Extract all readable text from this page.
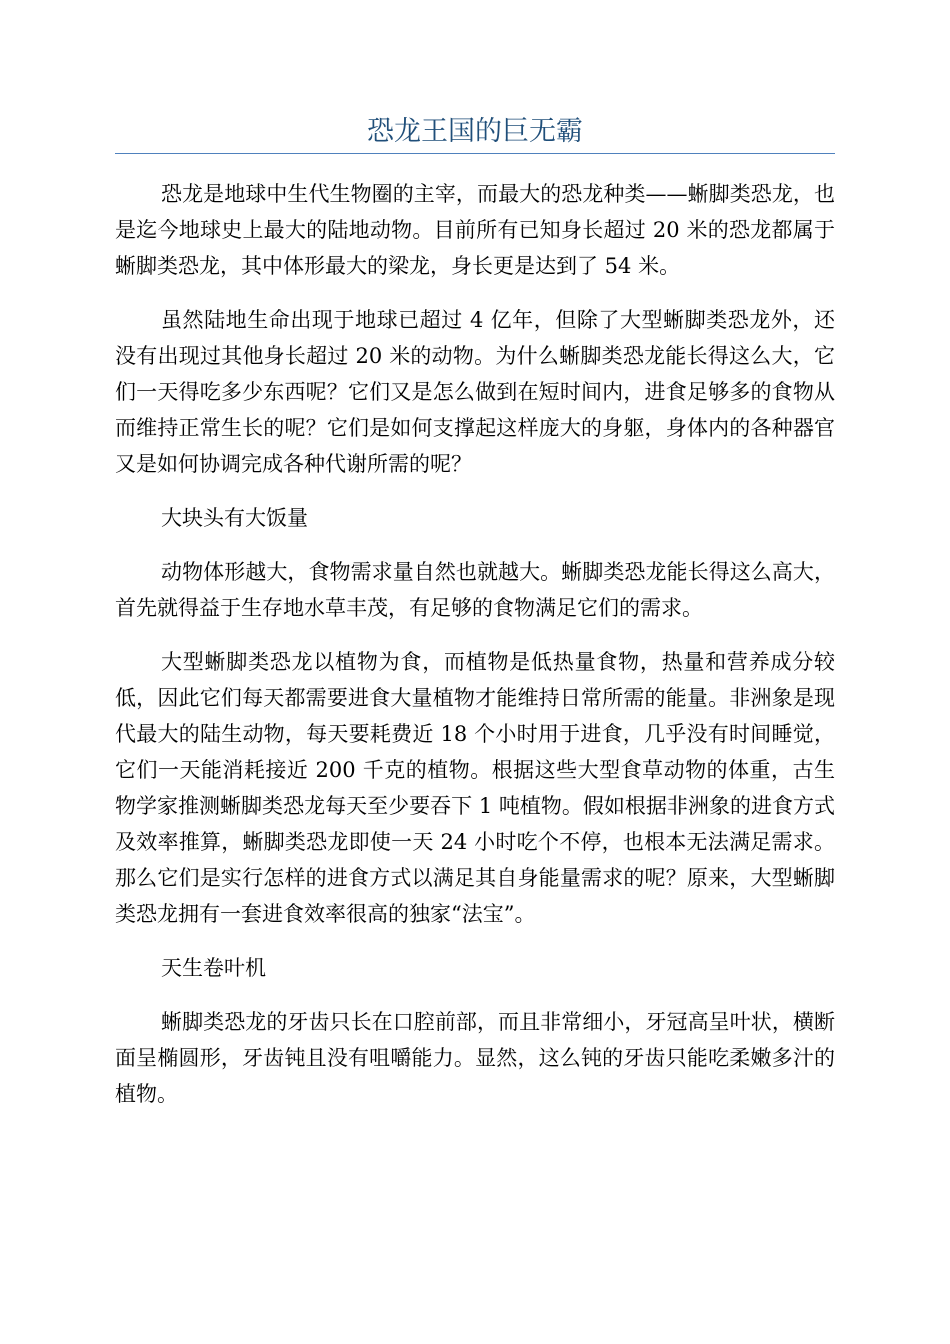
恐龙王国的巨无霸

恐龙是地球中生代生物圈的主宰，而最大的恐龙种类——蜥脚类恐龙，也是迄今地球史上最大的陆地动物。目前所有已知身长超过 20 米的恐龙都属于蜥脚类恐龙，其中体形最大的梁龙，身长更是达到了 54 米。

虽然陆地生命出现于地球已超过 4 亿年，但除了大型蜥脚类恐龙外，还没有出现过其他身长超过 20 米的动物。为什么蜥脚类恐龙能长得这么大，它们一天得吃多少东西呢？它们又是怎么做到在短时间内，进食足够多的食物从而维持正常生长的呢？它们是如何支撑起这样庞大的身躯，身体内的各种器官又是如何协调完成各种代谢所需的呢？

大块头有大饭量

动物体形越大，食物需求量自然也就越大。蜥脚类恐龙能长得这么高大，首先就得益于生存地水草丰茂，有足够的食物满足它们的需求。

大型蜥脚类恐龙以植物为食，而植物是低热量食物，热量和营养成分较低，因此它们每天都需要进食大量植物才能维持日常所需的能量。非洲象是现代最大的陆生动物，每天要耗费近 18 个小时用于进食，几乎没有时间睡觉，它们一天能消耗接近 200 千克的植物。根据这些大型食草动物的体重，古生物学家推测蜥脚类恐龙每天至少要吞下 1 吨植物。假如根据非洲象的进食方式及效率推算，蜥脚类恐龙即使一天 24 小时吃个不停，也根本无法满足需求。那么它们是实行怎样的进食方式以满足其自身能量需求的呢？原来，大型蜥脚类恐龙拥有一套进食效率很高的独家“法宝”。

天生卷叶机

蜥脚类恐龙的牙齿只长在口腔前部，而且非常细小，牙冠高呈叶状，横断面呈椭圆形，牙齿钝且没有咀嚼能力。显然，这么钝的牙齿只能吃柔嫩多汁的植物。
